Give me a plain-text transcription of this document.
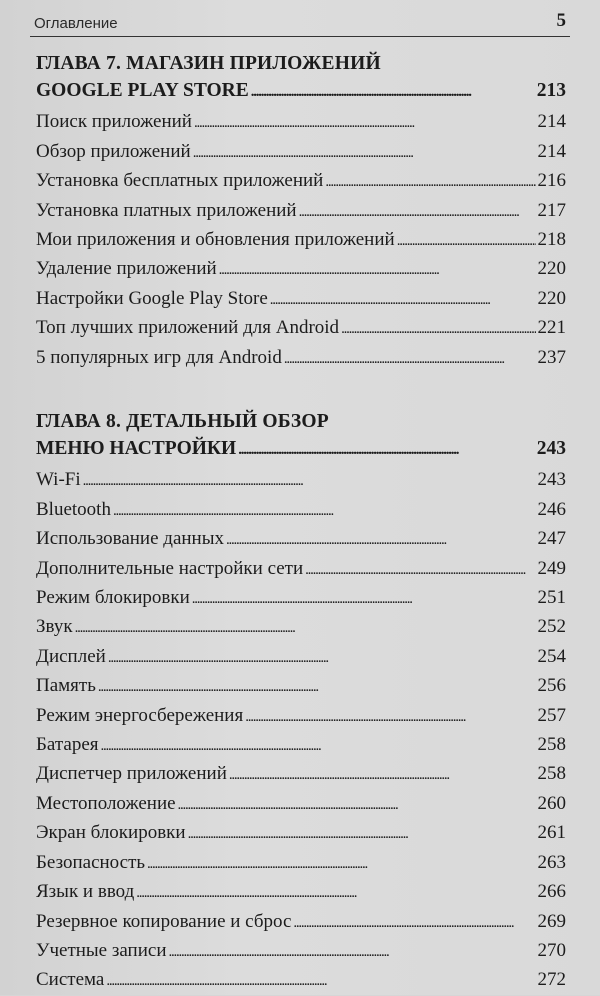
Оглавление	5
ГЛАВА 7. МАГАЗИН ПРИЛОЖЕНИЙ
GOOGLE PLAY STORE . . .	213
Поиск приложений . . .	214
Обзор приложений . . .	214
Установка бесплатных приложений . . .	216
Установка платных приложений . . .	217
Мои приложения и обновления приложений . . .	218
Удаление приложений . . .	220
Настройки Google Play Store . . .	220
Топ лучших приложений для Android . . .	221
5 популярных игр для Android . . .	237
ГЛАВА 8. ДЕТАЛЬНЫЙ ОБЗОР
МЕНЮ НАСТРОЙКИ . . .	243
Wi-Fi . . .	243
Bluetooth . . .	246
Использование данных . . .	247
Дополнительные настройки сети . . .	249
Режим блокировки . . .	251
Звук . . .	252
Дисплей . . .	254
Память . . .	256
Режим энергосбережения . . .	257
Батарея . . .	258
Диспетчер приложений . . .	258
Местоположение . . .	260
Экран блокировки . . .	261
Безопасность . . .	263
Язык и ввод . . .	266
Резервное копирование и сброс . . .	269
Учетные записи . . .	270
Система . . .	272
